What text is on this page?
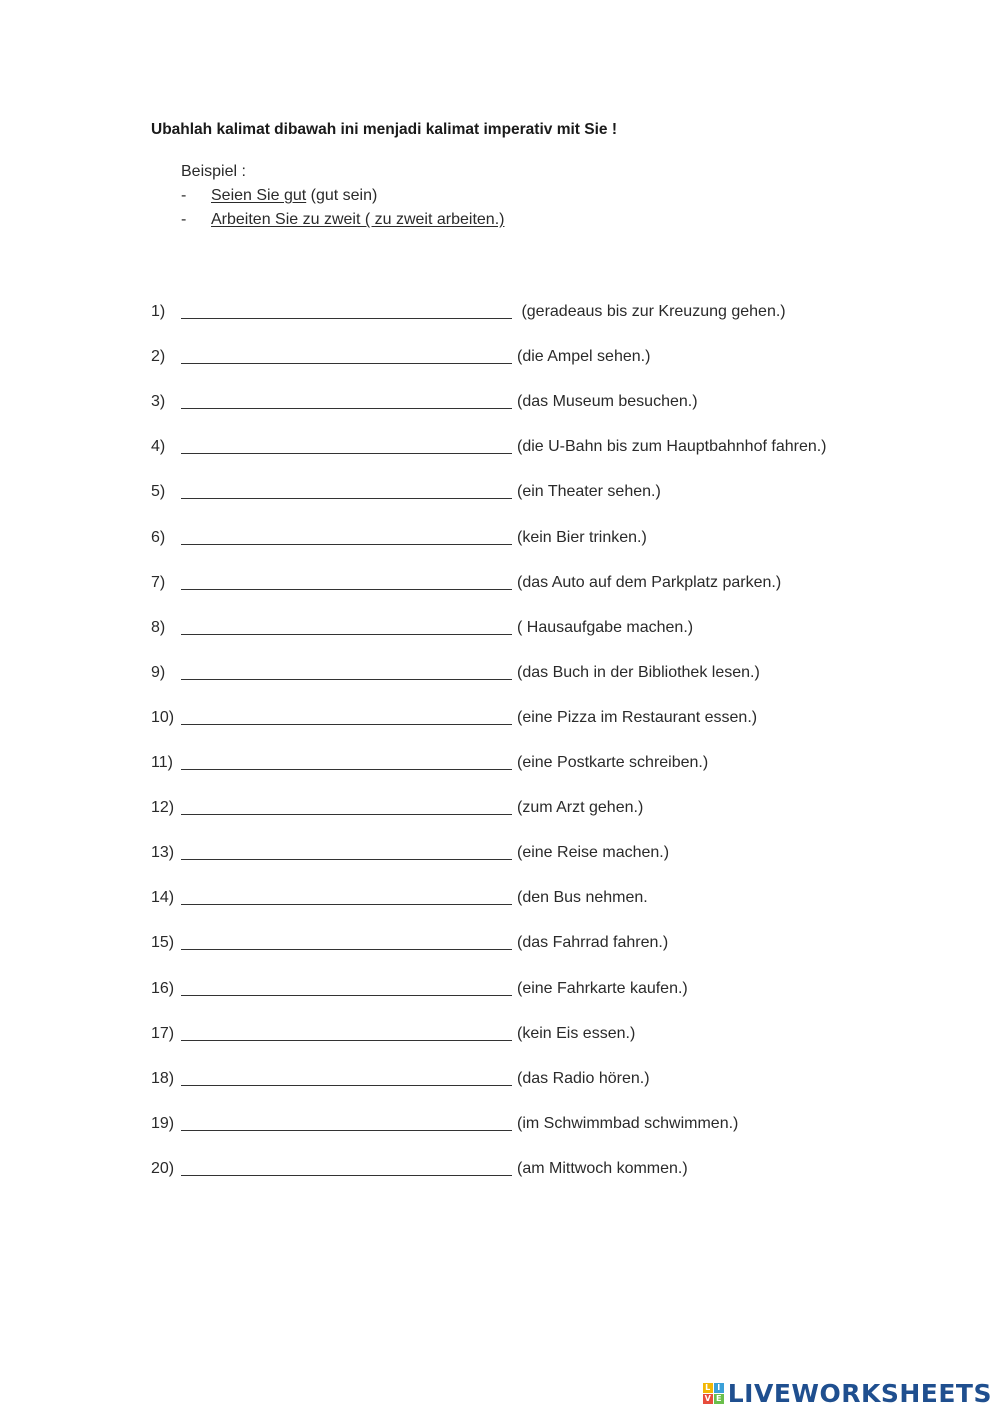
Ubahlah kalimat dibawah ini menjadi kalimat imperativ mit Sie !
Beispiel :
-	Seien Sie gut (gut sein)
-	Arbeiten Sie zu zweit ( zu zweit arbeiten.)
1)	(geradeaus bis zur Kreuzung gehen.)
2)	(die Ampel sehen.)
3)	(das Museum besuchen.)
4)	(die U-Bahn bis zum Hauptbahnhof fahren.)
5)	(ein Theater sehen.)
6)	(kein Bier trinken.)
7)	(das Auto auf dem Parkplatz parken.)
8)	( Hausaufgabe machen.)
9)	(das Buch in der Bibliothek lesen.)
10)	(eine Pizza im Restaurant essen.)
11)	(eine Postkarte schreiben.)
12)	(zum Arzt gehen.)
13)	(eine Reise machen.)
14)	(den Bus nehmen.
15)	(das Fahrrad fahren.)
16)	(eine Fahrkarte kaufen.)
17)	(kein Eis essen.)
18)	(das Radio hören.)
19)	(im Schwimmbad schwimmen.)
20)	(am Mittwoch kommen.)
L I
V E LIVEWORKSHEETS
